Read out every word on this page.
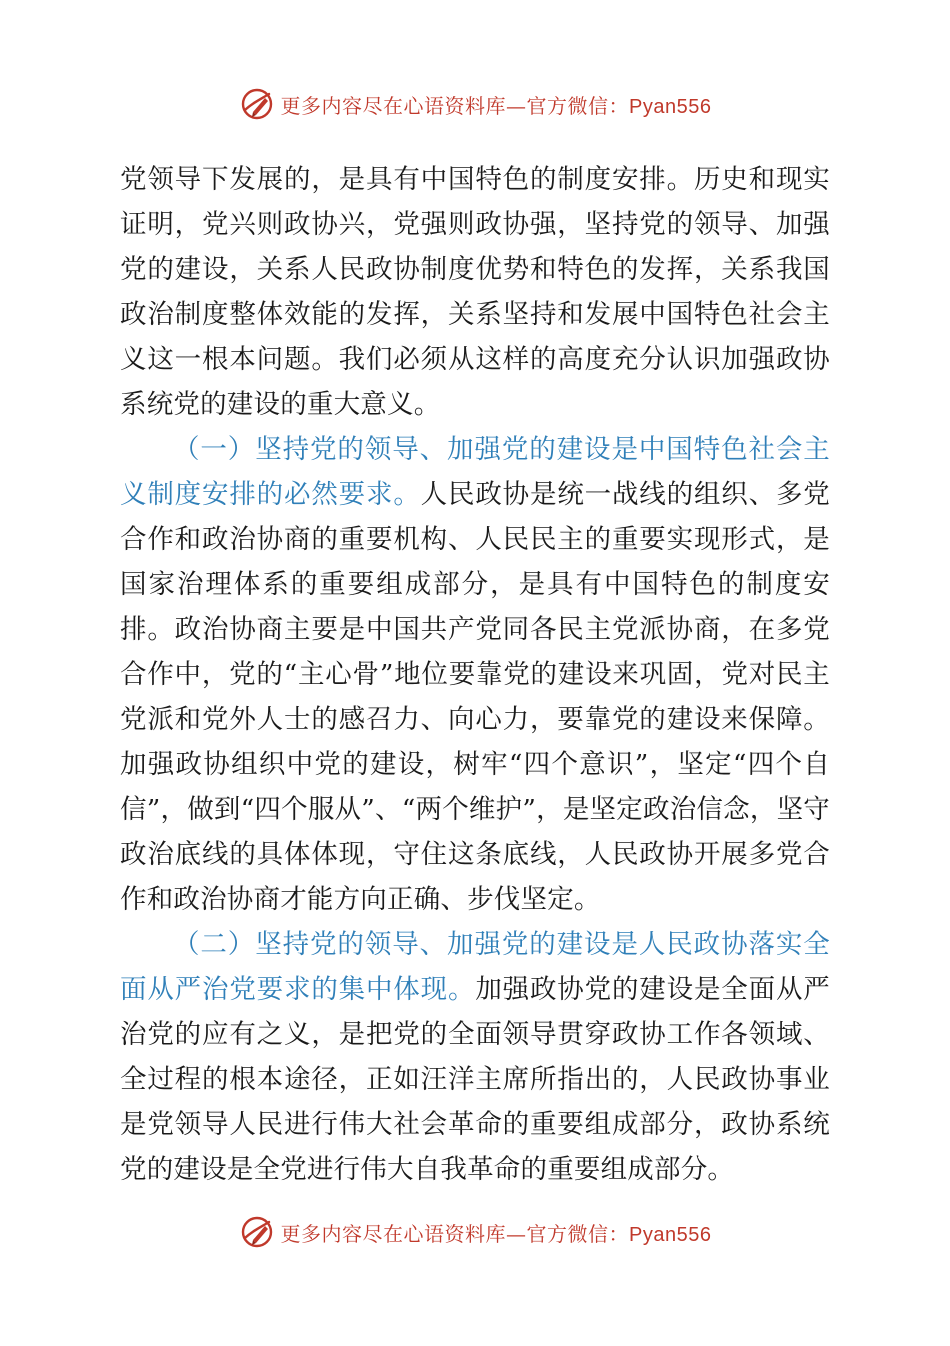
更多内容尽在心语资料库—官方微信：Pyan556

党领导下发展的，是具有中国特色的制度安排。历史和现实证明，党兴则政协兴，党强则政协强，坚持党的领导、加强党的建设，关系人民政协制度优势和特色的发挥，关系我国政治制度整体效能的发挥，关系坚持和发展中国特色社会主义这一根本问题。我们必须从这样的高度充分认识加强政协系统党的建设的重大意义。

（一）坚持党的领导、加强党的建设是中国特色社会主义制度安排的必然要求。人民政协是统一战线的组织、多党合作和政治协商的重要机构、人民民主的重要实现形式，是国家治理体系的重要组成部分，是具有中国特色的制度安排。政治协商主要是中国共产党同各民主党派协商，在多党合作中，党的“主心骨”地位要靠党的建设来巩固，党对民主党派和党外人士的感召力、向心力，要靠党的建设来保障。加强政协组织中党的建设，树牢“四个意识”，坚定“四个自信”，做到“四个服从”、“两个维护”，是坚定政治信念，坚守政治底线的具体体现，守住这条底线，人民政协开展多党合作和政治协商才能方向正确、步伐坚定。

（二）坚持党的领导、加强党的建设是人民政协落实全面从严治党要求的集中体现。加强政协党的建设是全面从严治党的应有之义，是把党的全面领导贯穿政协工作各领域、全过程的根本途径，正如汪洋主席所指出的，人民政协事业是党领导人民进行伟大社会革命的重要组成部分，政协系统党的建设是全党进行伟大自我革命的重要组成部分。

更多内容尽在心语资料库—官方微信：Pyan556
